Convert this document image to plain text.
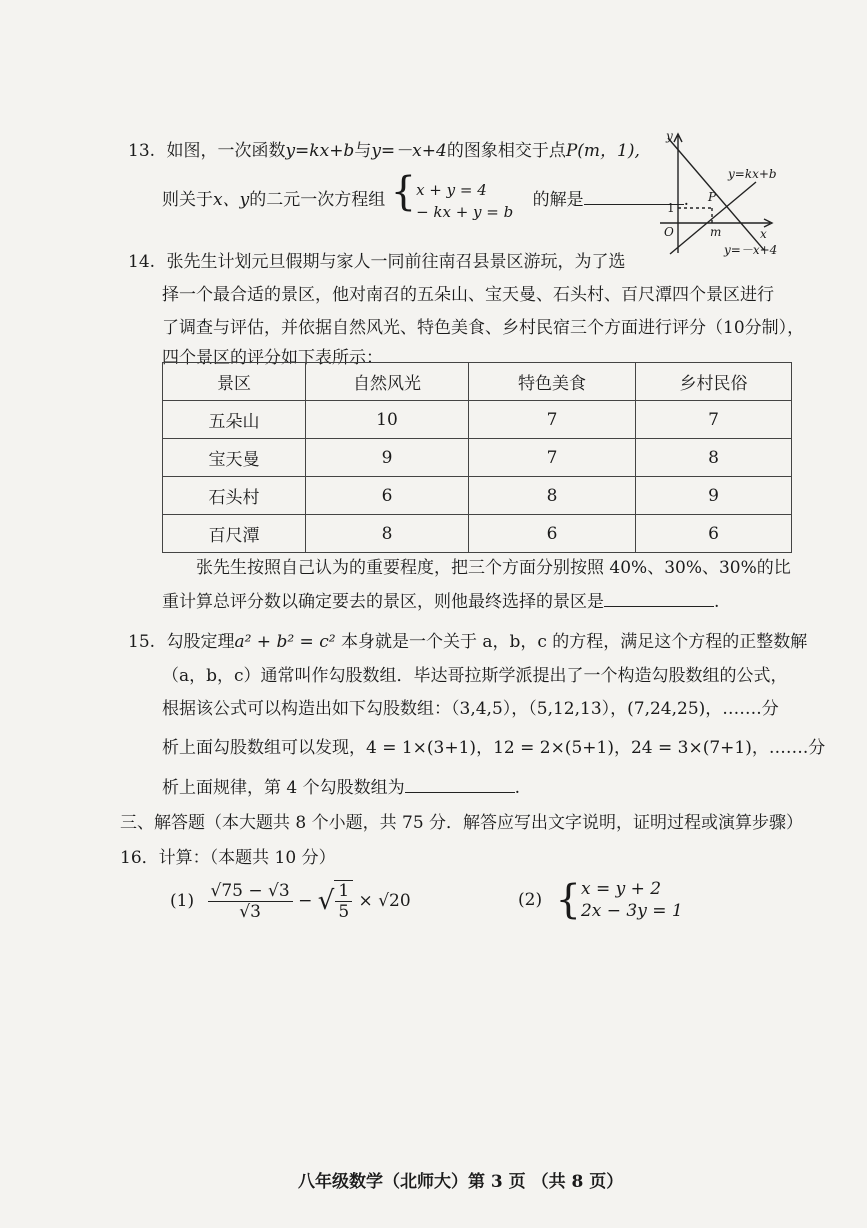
13. 如图，一次函数y=kx+b与y=－x+4的图象相交于点P(m，1),
则关于x、y的二元一次方程组 { x + y = 4
− kx + y = b
的解是	.
y
x
O	m
1
P
y=kx+b
y=－x+4
14. 张先生计划元旦假期与家人一同前往南召县景区游玩，为了选
择一个最合适的景区，他对南召的五朵山、宝天曼、石头村、百尺潭四个景区进行
了调查与评估，并依据自然风光、特色美食、乡村民宿三个方面进行评分（10分制），
四个景区的评分如下表所示：
景区	自然风光	特色美食	乡村民俗
五朵山	10	7	7
宝天曼	9	7	8
石头村	6	8	9
百尺潭	8	6	6
张先生按照自己认为的重要程度，把三个方面分别按照 40%、30%、30%的比
重计算总评分数以确定要去的景区，则他最终选择的景区是	.
15. 勾股定理a² + b² = c² 本身就是一个关于 a，b，c 的方程，满足这个方程的正整数解
（a，b，c）通常叫作勾股数组．毕达哥拉斯学派提出了一个构造勾股数组的公式，
根据该公式可以构造出如下勾股数组：（3,4,5），（5,12,13），(7,24,25)，…….分
析上面勾股数组可以发现，4 = 1×(3+1)，12 = 2×(5+1)，24 = 3×(7+1)，…….分
析上面规律，第 4 个勾股数组为	.
三、解答题（本大题共 8 个小题，共 75 分．解答应写出文字说明，证明过程或演算步骤）
16．计算：（本题共 10 分）
$(1) \frac{√75 - √3}{√3}$ − √ $\frac{1}{5} \times √20$	(2) { x = y + 2
2x − 3y = 1
八年级数学（北师大）第 3 页 （共 8 页）
